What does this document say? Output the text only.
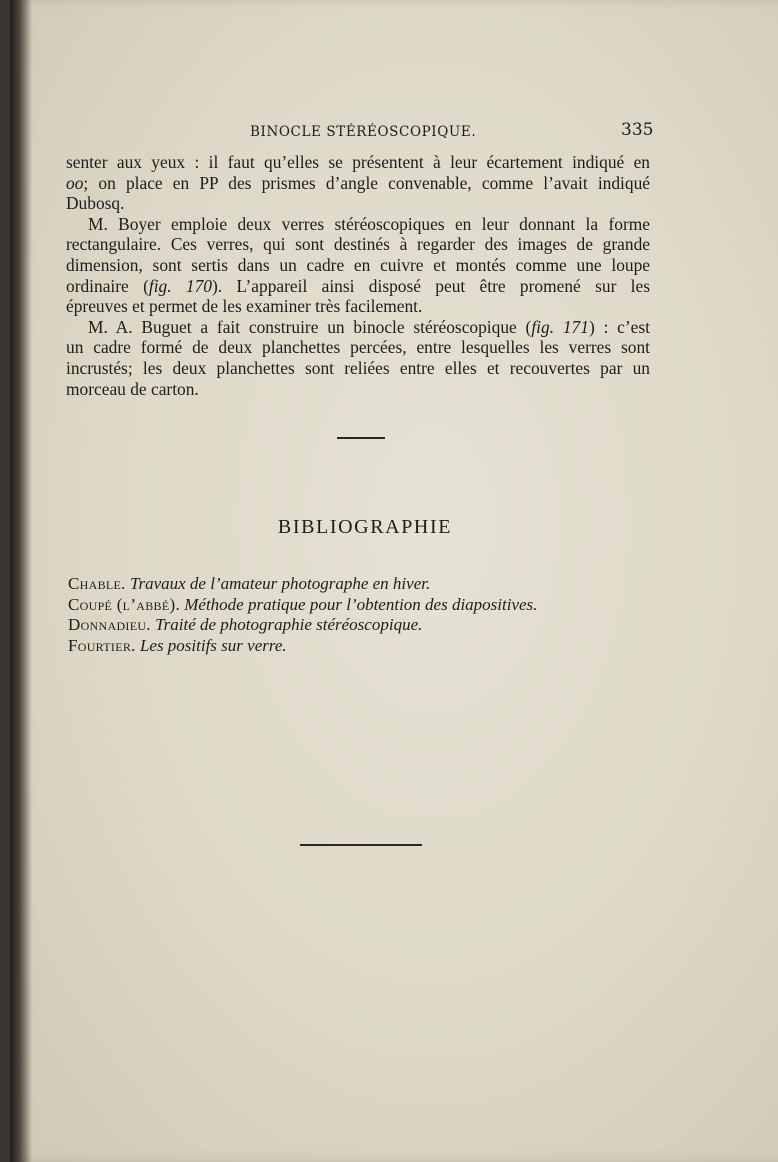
BINOCLE STÉRÉOSCOPIQUE.	335
senter aux yeux : il faut qu’elles se présentent à leur écartement indiqué en
oo; on place en PP des prismes d’angle convenable, comme l’avait indiqué
Dubosq.
M. Boyer emploie deux verres stéréoscopiques en leur donnant la forme
rectangulaire. Ces verres, qui sont destinés à regarder des images de grande
dimension, sont sertis dans un cadre en cuivre et montés comme une loupe
ordinaire (fig. 170). L’appareil ainsi disposé peut être promené sur les
épreuves et permet de les examiner très facilement.
M. A. Buguet a fait construire un binocle stéréoscopique (fig. 171) : c’est
un cadre formé de deux planchettes percées, entre lesquelles les verres sont
incrustés; les deux planchettes sont reliées entre elles et recouvertes par un
morceau de carton.
BIBLIOGRAPHIE
Chable. Travaux de l’amateur photographe en hiver.
Coupé (l’abbé). Méthode pratique pour l’obtention des diapositives.
Donnadieu. Traité de photographie stéréoscopique.
Fourtier. Les positifs sur verre.
